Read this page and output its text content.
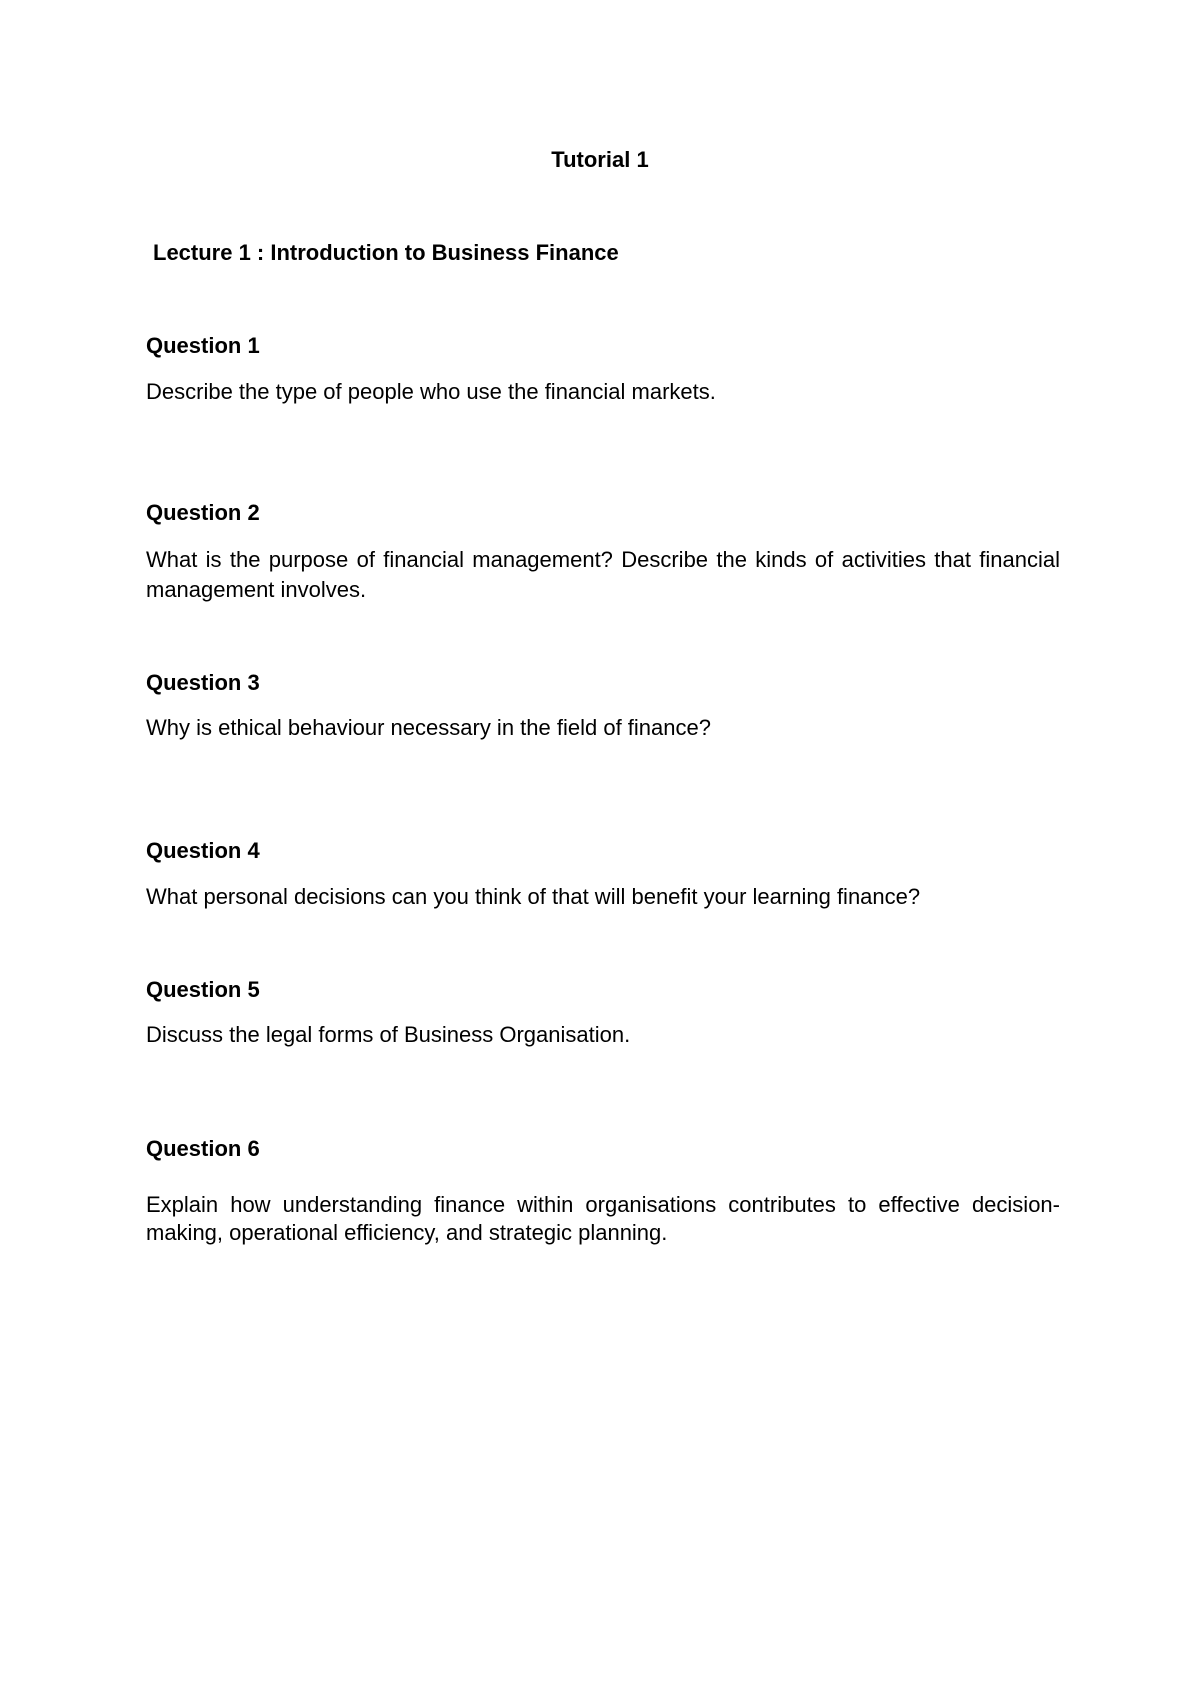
Tutorial 1
Lecture 1 : Introduction to Business Finance
Question 1

Describe the type of people who use the financial markets.

Question 2

What is the purpose of financial management? Describe the kinds of activities that financial management involves.

Question 3

Why is ethical behaviour necessary in the field of finance?

Question 4

What personal decisions can you think of that will benefit your learning finance?

Question 5

Discuss the legal forms of Business Organisation.

Question 6

Explain how understanding finance within organisations contributes to effective decision-making, operational efficiency, and strategic planning.
